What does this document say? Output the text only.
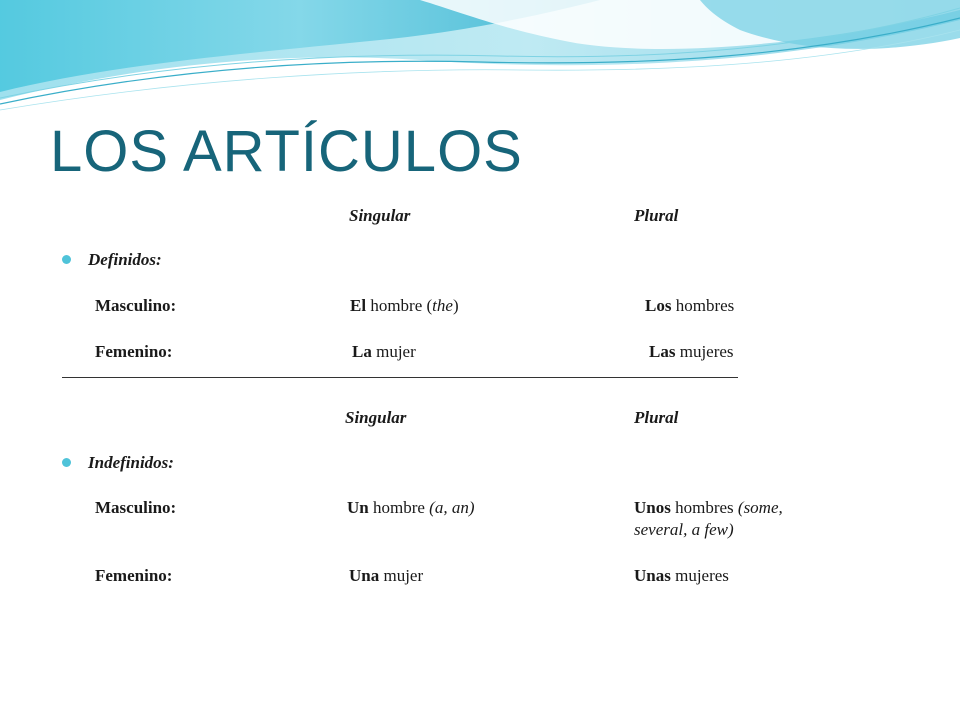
LOS ARTÍCULOS
Singular	Plural
Definidos:
Masculino:	El hombre (the)	Los hombres
Femenino:	La mujer	Las mujeres
Singular	Plural
Indefinidos:
Masculino:	Un hombre (a, an)	Unos hombres (some,
several, a few)
Femenino:	Una mujer	Unas mujeres
